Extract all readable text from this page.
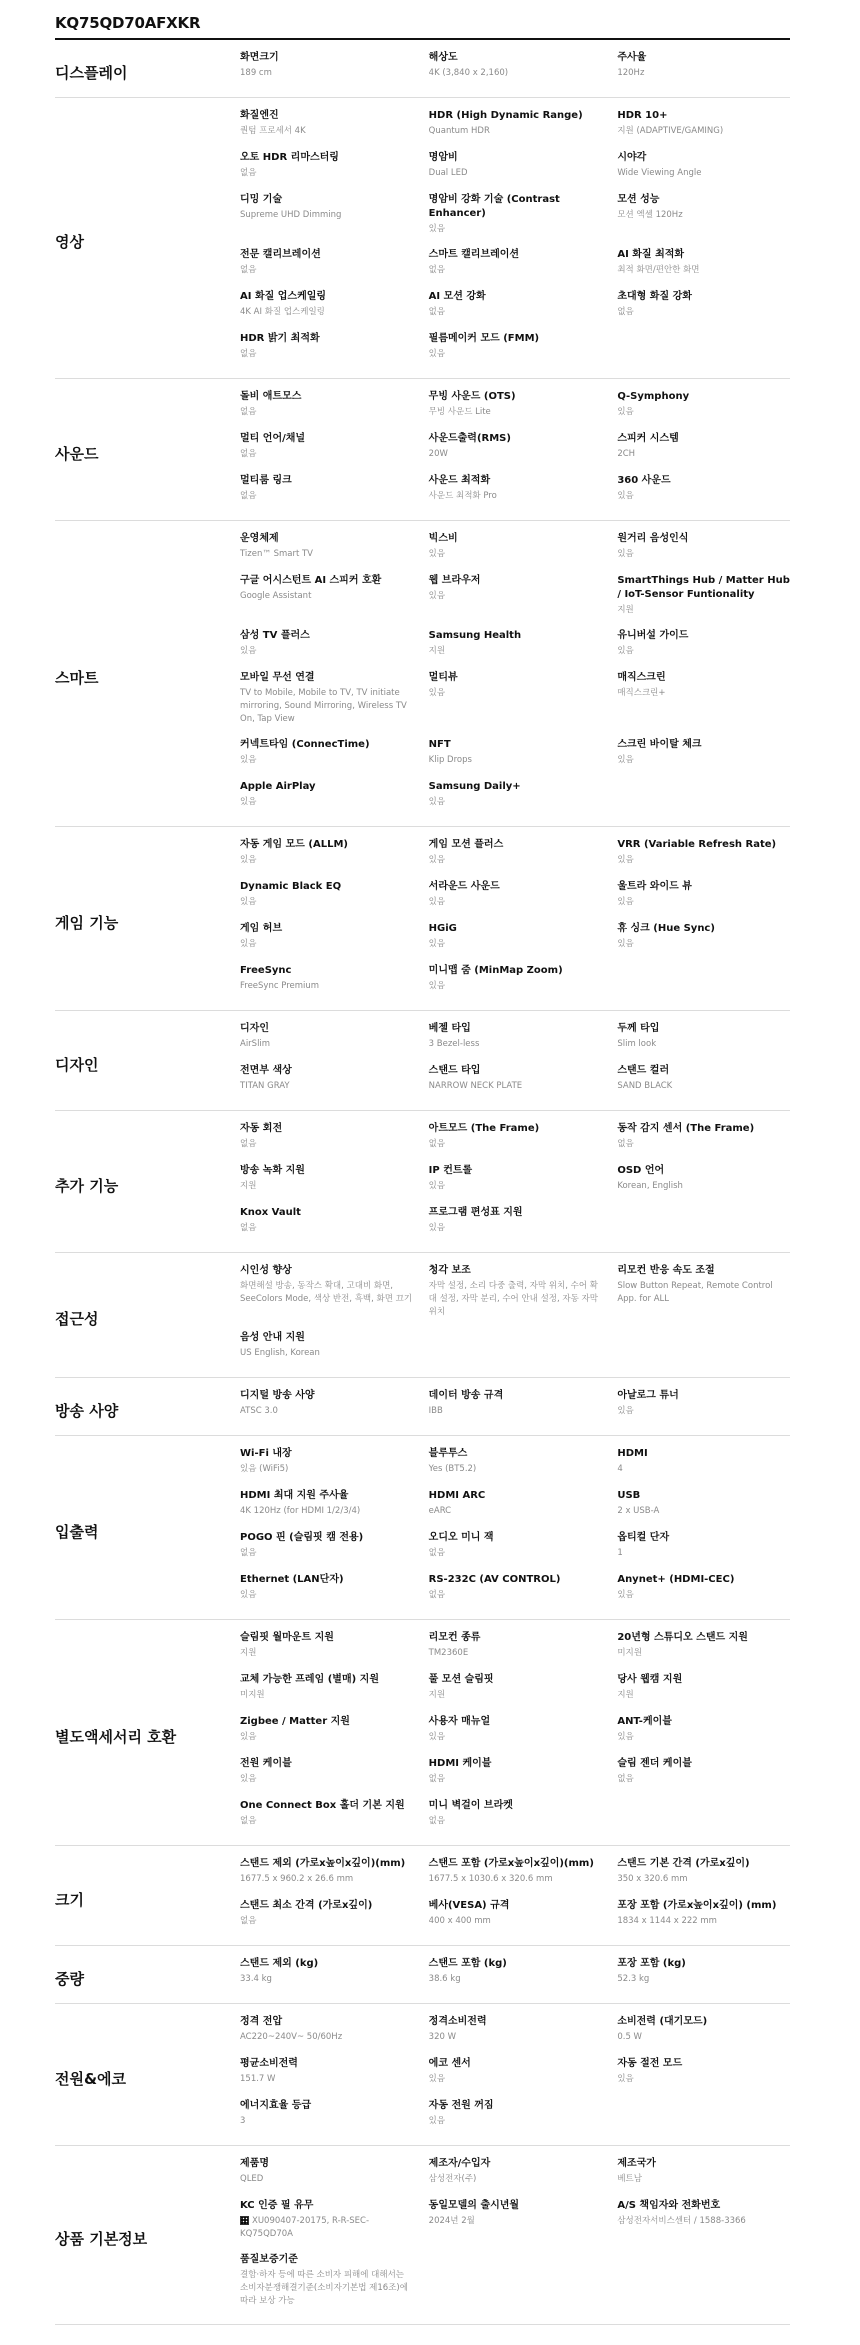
KQ75QD70AFXKR
디스플레이
화면크기
189 cm
해상도
4K (3,840 x 2,160)
주사율
120Hz
영상
화질엔진
퀀텀 프로세서 4K
HDR (High Dynamic Range)
Quantum HDR
HDR 10+
지원 (ADAPTIVE/GAMING)
오토 HDR 리마스터링
없음
명암비
Dual LED
시야각
Wide Viewing Angle
디밍 기술
Supreme UHD Dimming
명암비 강화 기술 (Contrast Enhancer)
있음
모션 성능
모션 엑셀 120Hz
전문 캘리브레이션
없음
스마트 캘리브레이션
없음
AI 화질 최적화
최적 화면/편안한 화면
AI 화질 업스케일링
4K AI 화질 업스케일링
AI 모션 강화
없음
초대형 화질 강화
없음
HDR 밝기 최적화
없음
필름메이커 모드 (FMM)
있음
사운드
돌비 애트모스
없음
무빙 사운드 (OTS)
무빙 사운드 Lite
Q-Symphony
있음
멀티 언어/채널
없음
사운드출력(RMS)
20W
스피커 시스템
2CH
멀티룸 링크
없음
사운드 최적화
사운드 최적화 Pro
360 사운드
있음
스마트
운영체제
Tizen™ Smart TV
빅스비
있음
원거리 음성인식
있음
구글 어시스턴트 AI 스피커 호환
Google Assistant
웹 브라우저
있음
SmartThings Hub / Matter Hub / IoT-Sensor Funtionality
지원
삼성 TV 플러스
있음
Samsung Health
지원
유니버설 가이드
있음
모바일 무선 연결
TV to Mobile, Mobile to TV, TV initiate mirroring, Sound Mirroring, Wireless TV On, Tap View
멀티뷰
있음
매직스크린
매직스크린+
커넥트타임 (ConnecTime)
있음
NFT
Klip Drops
스크린 바이탈 체크
있음
Apple AirPlay
있음
Samsung Daily+
있음
게임 기능
자동 게임 모드 (ALLM)
있음
게임 모션 플러스
있음
VRR (Variable Refresh Rate)
있음
Dynamic Black EQ
있음
서라운드 사운드
있음
울트라 와이드 뷰
있음
게임 허브
있음
HGiG
있음
휴 싱크 (Hue Sync)
있음
FreeSync
FreeSync Premium
미니맵 줌 (MinMap Zoom)
있음
디자인
디자인
AirSlim
베젤 타입
3 Bezel-less
두께 타입
Slim look
전면부 색상
TITAN GRAY
스탠드 타입
NARROW NECK PLATE
스탠드 컬러
SAND BLACK
추가 기능
자동 회전
없음
아트모드 (The Frame)
없음
동작 감지 센서 (The Frame)
없음
방송 녹화 지원
지원
IP 컨트롤
있음
OSD 언어
Korean, English
Knox Vault
없음
프로그램 편성표 지원
있음
접근성
시인성 향상
화면해설 방송, 동작스 확대, 고대비 화면, SeeColors Mode, 색상 반전, 흑백, 화면 끄기
청각 보조
자막 설정, 소리 다중 출력, 자막 위치, 수어 확대 설정, 자막 분리, 수어 안내 설정, 자동 자막 위치
리모컨 반응 속도 조절
Slow Button Repeat, Remote Control App. for ALL
음성 안내 지원
US English, Korean
방송 사양
디지털 방송 사양
ATSC 3.0
데이터 방송 규격
IBB
아날로그 튜너
있음
입출력
Wi-Fi 내장
있음 (WiFi5)
블루투스
Yes (BT5.2)
HDMI
4
HDMI 최대 지원 주사율
4K 120Hz (for HDMI 1/2/3/4)
HDMI ARC
eARC
USB
2 x USB-A
POGO 핀 (슬림핏 캠 전용)
없음
오디오 미니 잭
없음
옵티컬 단자
1
Ethernet (LAN단자)
있음
RS-232C (AV CONTROL)
없음
Anynet+ (HDMI-CEC)
있음
별도액세서리 호환
슬림핏 월마운트 지원
지원
리모컨 종류
TM2360E
20년형 스튜디오 스탠드 지원
미지원
교체 가능한 프레임 (별매) 지원
미지원
풀 모션 슬림핏
지원
당사 웹캠 지원
지원
Zigbee / Matter 지원
있음
사용자 매뉴얼
있음
ANT-케이블
있음
전원 케이블
있음
HDMI 케이블
없음
슬림 젠더 케이블
없음
One Connect Box 홀더 기본 지원
없음
미니 벽걸이 브라켓
없음
크기
스탠드 제외 (가로x높이x깊이)(mm)
1677.5 x 960.2 x 26.6 mm
스탠드 포함 (가로x높이x깊이)(mm)
1677.5 x 1030.6 x 320.6 mm
스탠드 기본 간격 (가로x깊이)
350 x 320.6 mm
스탠드 최소 간격 (가로x깊이)
없음
베사(VESA) 규격
400 x 400 mm
포장 포함 (가로x높이x깊이) (mm)
1834 x 1144 x 222 mm
중량
스탠드 제외 (kg)
33.4 kg
스탠드 포함 (kg)
38.6 kg
포장 포함 (kg)
52.3 kg
전원&에코
정격 전압
AC220~240V~ 50/60Hz
정격소비전력
320 W
소비전력 (대기모드)
0.5 W
평균소비전력
151.7 W
에코 센서
있음
자동 절전 모드
있음
에너지효율 등급
3
자동 전원 꺼짐
있음
상품 기본정보
제품명
QLED
제조자/수입자
삼성전자(주)
제조국가
베트남
KC 인증 필 유무
XU090407-20175, R-R-SEC-KQ75QD70A
동일모델의 출시년월
2024년 2월
A/S 책임자와 전화번호
삼성전자서비스센터 / 1588-3366
품질보증기준
결함·하자 등에 따른 소비자 피해에 대해서는 소비자분쟁해결기준(소비자기본법 제16조)에 따라 보상 가능
